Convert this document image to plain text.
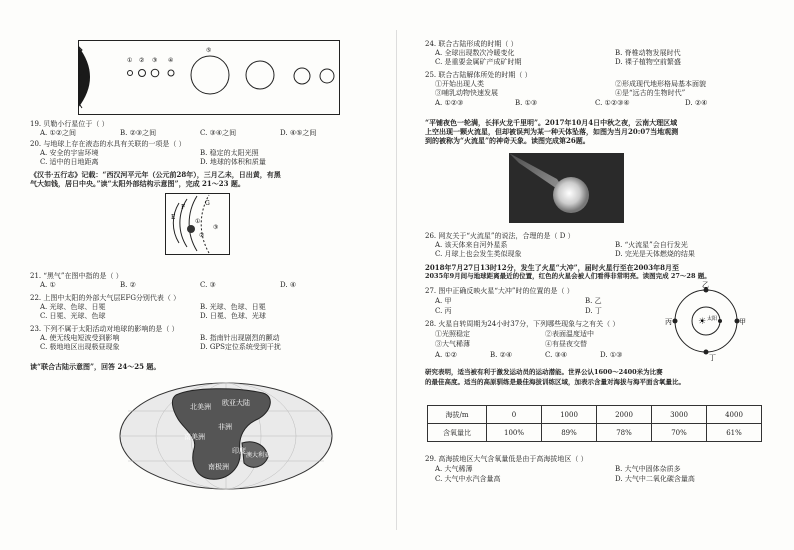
① ② ③ ④
⑤
19. 贝勒小行星位于（ ）
A. ①②之间	B. ②③之间	C. ③④之间	D. ④⑤之间
20. 与地球上存在液态的水具有关联的一项是（ ）
A. 安全的宇宙环境	B. 稳定的太阳光照
C. 适中的日地距离	D. 地球的体积和质量
《汉书·五行志》记载：“西汉河平元年（公元前28年），三月乙未，日出黄，有黑
气大如钱，居日中央。”读“太阳外部结构示意图”，完成 21～23 题。
E
F
G
①
②
③
21. “黑气”在图中指的是（ ）
A. ①	B. ②	C. ③	D. ④
22. 上图中太阳的外部大气层EFG分别代表（ ）
A. 光球、色球、日冕	B. 光球、色球、日冕
C. 日冕、光球、色球	D. 日冕、色球、光球
23. 下列不属于太阳活动对地球的影响的是（ ）
A. 使无线电短波受到影响	B. 指南针出现剧烈的颤动
C. 极地地区出现极昼现象	D. GPS定位系统受到干扰
读“联合古陆示意图”，回答 24～25 题。
北美洲 欧亚大陆
南美洲
非洲
印度
澳大利亚
南极洲
24. 联合古陆形成的时期（ ）
A. 全球出现数次冷暖变化	B. 脊椎动物发展时代
C. 是重要金属矿产成矿时期	D. 裸子植物空前繁盛
25. 联合古陆解体所处的时期（ ）
①开始出现人类	②形成现代地形格局基本面貌
③哺乳动物快速发展	④是“远古的生物时代”
A. ①②③	B. ①③	C. ①②③④	D. ②④
“平铺夜色一轮满，长拝火龙千里明”。2017年10月4日中秋之夜，云南大理区域
上空出现一颗火流星，但却被误判为某一种天体坠落，如图为当月20:07当地观测
到的被称为“火流星”的神奇天象。读图完成第26题。
26. 网友关于“火流星”的说法，合理的是（ D ）
A. 该天体来自河外星系	B. “火流星”会自行发光
C. 月球上也会发生类似现象	D. 完光是天体燃烧的结果
2018年7月27日13时12分，发生了火星“大冲”，届时火星行至在2003年8月至
2035年9月间与地球距离最近的位置，红色的火星会被人们看得非常明亮。读图完成 27～28 题。
27. 图中正确反映火星“大冲”时的位置的是（ ）
A. 甲	B. 乙
C. 丙	D. 丁
28. 火星自转周期为24小时37分，下列哪些现象与之有关（ ）
①光照稳定	②表面温度适中
③大气稀薄	④有昼夜交替
A. ①②	B. ②④	C. ③④	D. ①③
☀ 太阳	甲
乙
丙
丁
研究表明，适当被有利于激发运动员的运动潜能。世界公认1600～2400米为比赛
的最佳高度。适当的高原驯练是最佳海拔训练区域，加表示含量对海拔与海平面含氧量比。
海拔/m	0	1000	2000	3000	4000
含氧量比	100%	89%	78%	70%	61%
29. 高海拔地区大气含氧量低是由于高海拔地区（ ）
A. 大气稀薄	B. 大气中固体杂质多
C. 大气中水汽含量高	D. 大气中二氧化碳含量高
